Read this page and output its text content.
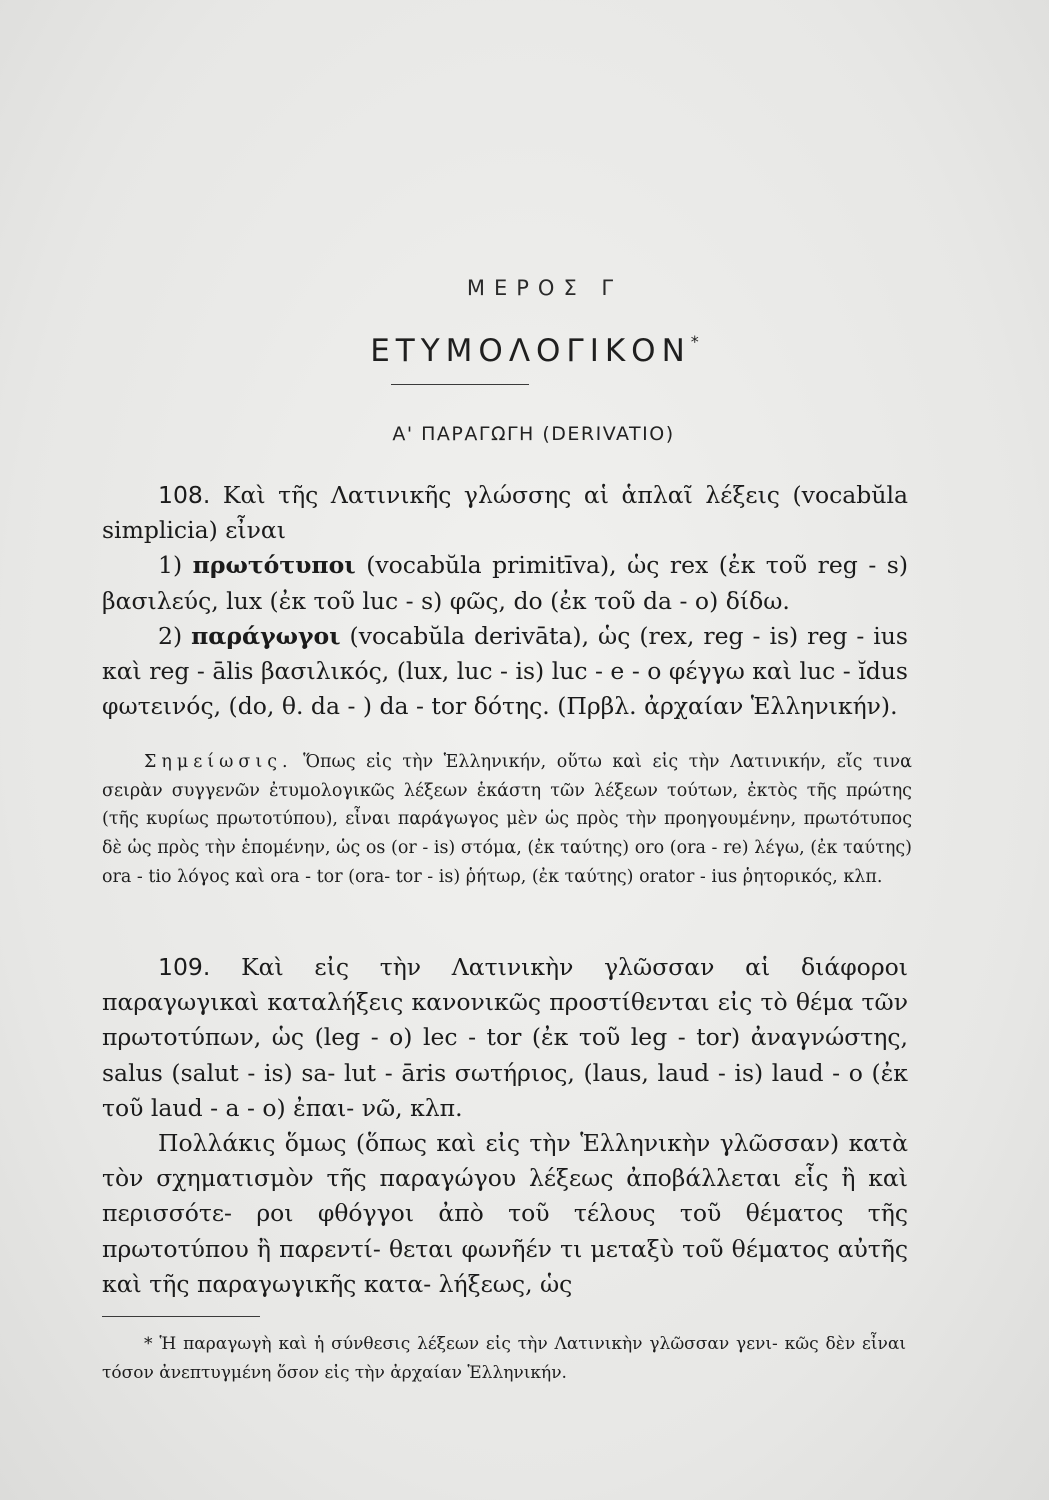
ΜΕΡΟΣ Γ
ΕΤΥΜΟΛΟΓΙΚΟΝ*
Α' ΠΑΡΑΓΩΓΗ (DERIVATIO)

108. Καὶ τῆς Λατινικῆς γλώσσης αἱ ἁπλαῖ λέξεις (vocabŭla simplicia) εἶναι

1) πρωτότυποι (vocabŭla primitīva), ὡς rex (ἐκ τοῦ reg - s) βασιλεύς, lux (ἐκ τοῦ luc - s) φῶς, do (ἐκ τοῦ da - o) δίδω.

2) παράγωγοι (vocabŭla derivāta), ὡς (rex, reg - is) reg - ius καὶ reg - ālis βασιλικός, (lux, luc - is) luc - e - o φέγγω καὶ luc - ĭdus φωτεινός, (do, θ. da - ) da - tor δότης. (Πρβλ. ἀρχαίαν Ἑλληνικήν).

Σημείωσις. Ὅπως εἰς τὴν Ἑλληνικήν, οὕτω καὶ εἰς τὴν Λατινικήν, εἴς τινα σειρὰν συγγενῶν ἐτυμολογικῶς λέξεων ἑκάστη τῶν λέξεων τούτων, ἐκτὸς τῆς πρώτης (τῆς κυρίως πρωτοτύπου), εἶναι παράγωγος μὲν ὡς πρὸς τὴν προηγουμένην, πρωτότυπος δὲ ὡς πρὸς τὴν ἑπομένην, ὡς os (or - is) στόμα, (ἐκ ταύτης) oro (ora - re) λέγω, (ἐκ ταύτης) ora - tio λόγος καὶ ora - tor (ora- tor - is) ῥήτωρ, (ἐκ ταύτης) orator - ius ῥητορικός, κλπ.

109. Καὶ εἰς τὴν Λατινικὴν γλῶσσαν αἱ διάφοροι παραγωγικαὶ καταλήξεις κανονικῶς προστίθενται εἰς τὸ θέμα τῶν πρωτοτύπων, ὡς (leg - o) lec - tor (ἐκ τοῦ leg - tor) ἀναγνώστης, salus (salut - is) sa- lut - āris σωτήριος, (laus, laud - is) laud - o (ἐκ τοῦ laud - a - o) ἐπαι- νῶ, κλπ.

Πολλάκις ὅμως (ὅπως καὶ εἰς τὴν Ἑλληνικὴν γλῶσσαν) κατὰ τὸν σχηματισμὸν τῆς παραγώγου λέξεως ἀποβάλλεται εἷς ἢ καὶ περισσότε- ροι φθόγγοι ἀπὸ τοῦ τέλους τοῦ θέματος τῆς πρωτοτύπου ἢ παρεντί- θεται φωνῆέν τι μεταξὺ τοῦ θέματος αὐτῆς καὶ τῆς παραγωγικῆς κατα- λήξεως, ὡς

* Ἡ παραγωγὴ καὶ ἡ σύνθεσις λέξεων εἰς τὴν Λατινικὴν γλῶσσαν γενι- κῶς δὲν εἶναι τόσον ἀνεπτυγμένη ὅσον εἰς τὴν ἀρχαίαν Ἑλληνικήν.
